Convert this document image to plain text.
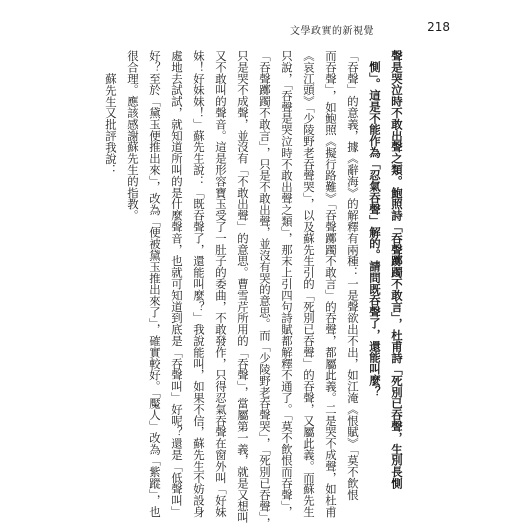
文學政實的新視覺	218
聲是哭泣時不敢出聲之類。鮑照詩「吞聲躑躅不敢言」，杜甫詩「死別已吞聲，生別長惻
惻」。這是不能作為「忍氣吞聲」解的。請問既吞聲了，還能叫麼？
「吞聲」的意義，據《辭海》的解釋有兩種：一是聲欲出不出，如江淹《恨賦》「莫不飲恨
而吞聲」，如鮑照《擬行路難》「吞聲躑躅不敢言」的吞聲，都屬此義。二是哭不成聲，如杜甫
《哀江頭》「少陵野老吞聲哭」，以及蘇先生引的「死別已吞聲」的吞聲，又屬此義。而蘇先生
只說，「吞聲是哭泣時不敢出聲之類」，那末上引四句詩賦都解釋不通了。「莫不飲恨而吞聲」，
「吞聲躑躅不敢言」，只是不敢出聲，並沒有哭的意思。而「少陵野老吞聲哭」，「死別已吞聲」，
只是哭不成聲，並沒有「不敢出聲」的意思。曹雪芹所用的「吞聲」，當屬第一義，就是又想叫
又不敢叫的聲音。這是形容寶玉受了一肚子的委曲，不敢發作，只得忍氣吞聲在窗外叫「好妹
妹！好妹妹！」蘇先生說：「既吞聲了，還能叫麼？」我說能叫，如果不信，蘇先生不妨設身
處地去試試，就知道所叫的是什麼聲音，也就可知道到底是「吞聲叫」好呢？還是「低聲叫」
好？至於「黛玉便推出來」，改為「便被黛玉推出來了」，確實較好。「魘人」改為「紫蹤」，也
很合理。應該感謝蘇先生的指教。
蘇先生又批評我說：
